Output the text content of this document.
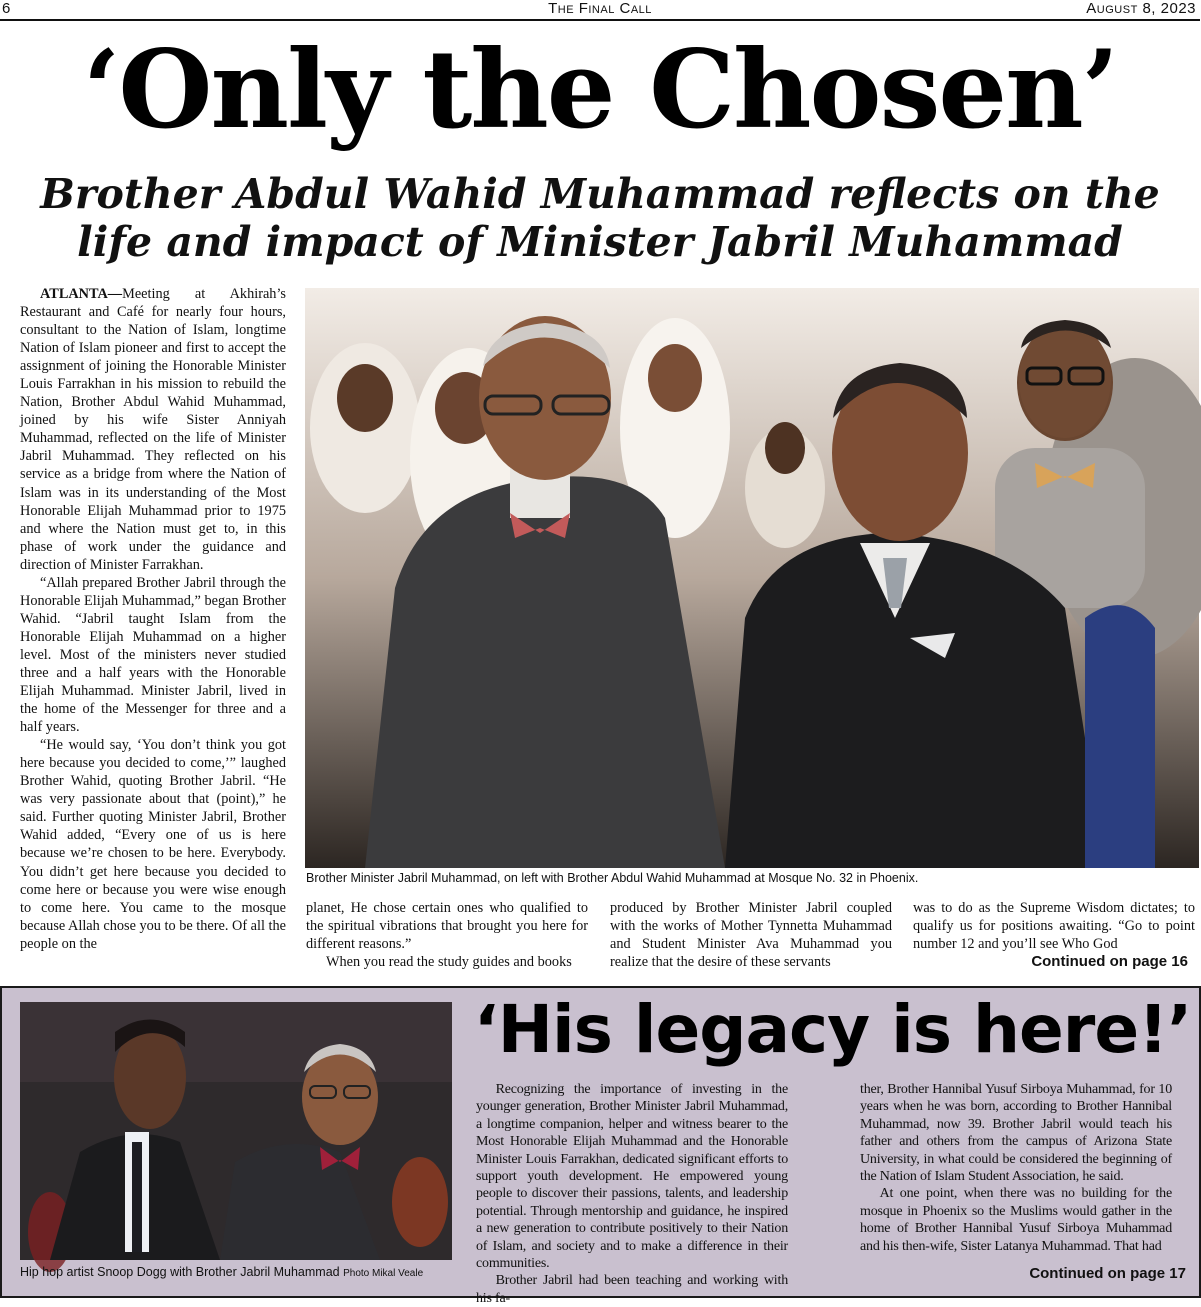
6	The Final Call	August 8, 2023
‘Only the Chosen’
Brother Abdul Wahid Muhammad reflects on the life and impact of Minister Jabril Muhammad

ATLANTA—Meeting at Akhirah’s Restaurant and Café for nearly four hours, consultant to the Nation of Islam, longtime Nation of Islam pioneer and first to accept the assignment of joining the Honorable Minister Louis Farrakhan in his mission to rebuild the Nation, Brother Abdul Wahid Muhammad, joined by his wife Sister Anniyah Muhammad, reflected on the life of Minister Jabril Muhammad. They reflected on his service as a bridge from where the Nation of Islam was in its understanding of the Most Honorable Elijah Muhammad prior to 1975 and where the Nation must get to, in this phase of work under the guidance and direction of Minister Farrakhan.

“Allah prepared Brother Jabril through the Honorable Elijah Muhammad,” began Brother Wahid. “Jabril taught Islam from the Honorable Elijah Muhammad on a higher level. Most of the ministers never studied three and a half years with the Honorable Elijah Muhammad. Minister Jabril, lived in the home of the Messenger for three and a half years.

“He would say, ‘You don’t think you got here because you decided to come,’” laughed Brother Wahid, quoting Brother Jabril. “He was very passionate about that (point),” he said. Further quoting Minister Jabril, Brother Wahid added, “Every one of us is here because we’re chosen to be here. Everybody. You didn’t get here because you decided to come here or because you were wise enough to come here. You came to the mosque because Allah chose you to be there. Of all the people on the

Brother Minister Jabril Muhammad, on left with Brother Abdul Wahid Muhammad at Mosque No. 32 in Phoenix.

planet, He chose certain ones who qualified to the spiritual vibrations that brought you here for different reasons.”

When you read the study guides and books

produced by Brother Minister Jabril coupled with the works of Mother Tynnetta Muhammad and Student Minister Ava Muhammad you realize that the desire of these servants

was to do as the Supreme Wisdom dictates; to qualify us for positions awaiting. “Go to point number 12 and you’ll see Who God

Continued on page 16
Hip hop artist Snoop Dogg with Brother Jabril Muhammad Photo Mikal Veale
‘His legacy is here!’

Recognizing the importance of investing in the younger generation, Brother Minister Jabril Muhammad, a longtime companion, helper and witness bearer to the Most Honorable Elijah Muhammad and the Honorable Minister Louis Farrakhan, dedicated significant efforts to support youth development. He empowered young people to discover their passions, talents, and leadership potential. Through mentorship and guidance, he inspired a new generation to contribute positively to their Nation of Islam, and society and to make a difference in their communities.

Brother Jabril had been teaching and working with his fa-

ther, Brother Hannibal Yusuf Sirboya Muhammad, for 10 years when he was born, according to Brother Hannibal Muhammad, now 39. Brother Jabril would teach his father and others from the campus of Arizona State University, in what could be considered the beginning of the Nation of Islam Student Association, he said.

At one point, when there was no building for the mosque in Phoenix so the Muslims would gather in the home of Brother Hannibal Yusuf Sirboya Muhammad and his then-wife, Sister Latanya Muhammad. That had

Continued on page 17
